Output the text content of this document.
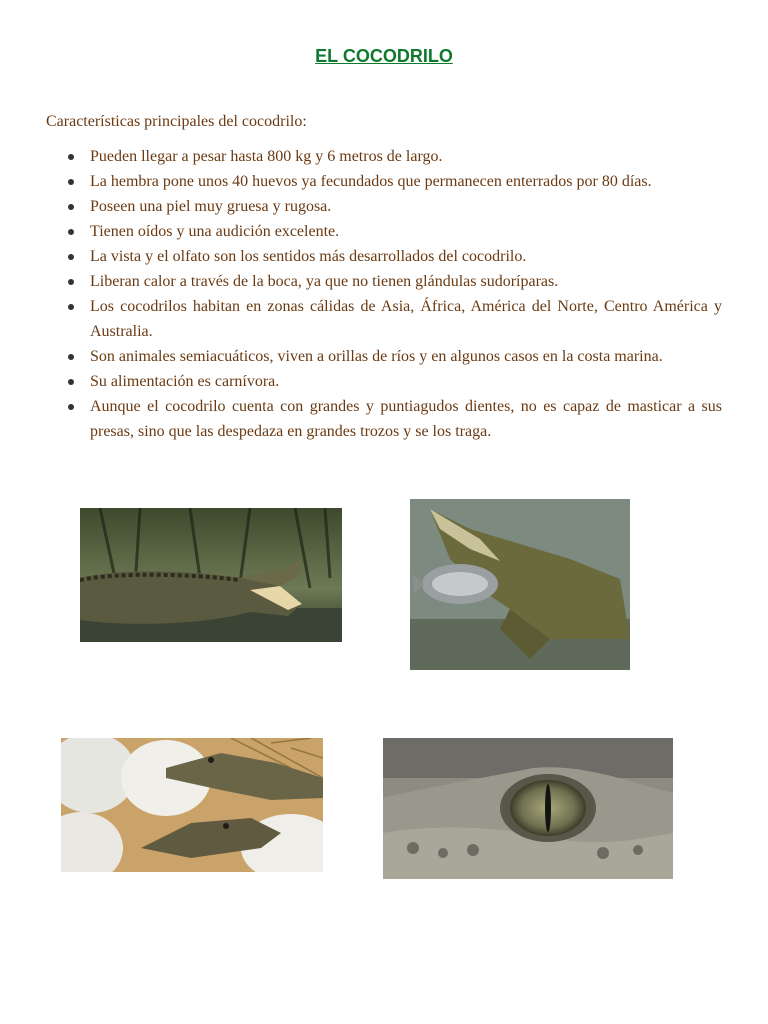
EL COCODRILO
Características principales del cocodrilo:
Pueden llegar a pesar hasta 800 kg y 6 metros de largo.
La hembra pone unos 40 huevos ya fecundados que permanecen enterrados por 80 días.
Poseen una piel muy gruesa y rugosa.
Tienen oídos y una audición excelente.
La vista y el olfato son los sentidos más desarrollados del cocodrilo.
Liberan calor a través de la boca, ya que no tienen glándulas sudoríparas.
Los cocodrilos habitan en zonas cálidas de Asia, África, América del Norte, Centro América y Australia.
Son animales semiacuáticos, viven a orillas de ríos y en algunos casos en la costa marina.
Su alimentación es carnívora.
Aunque el cocodrilo cuenta con grandes y puntiagudos dientes, no es capaz de masticar a sus presas, sino que las despedaza en grandes trozos y se los traga.
